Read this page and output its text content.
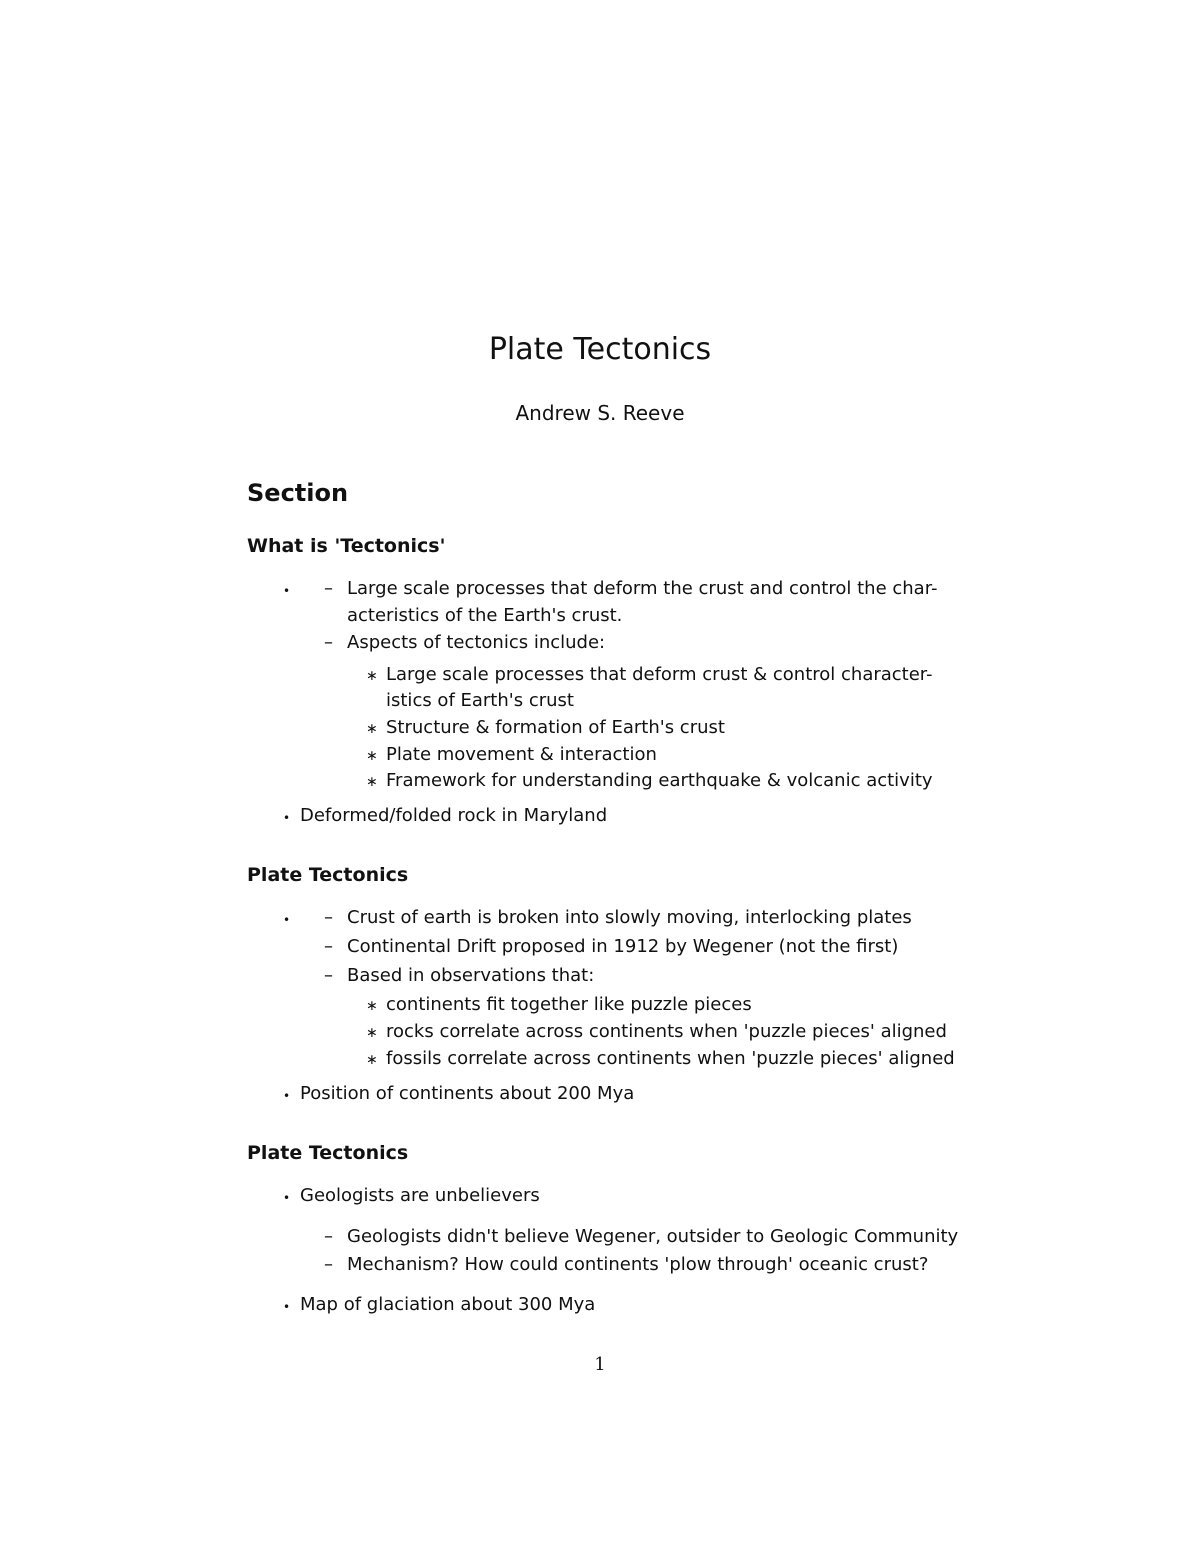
Plate Tectonics
Andrew S. Reeve
Section
What is 'Tectonics'
• – Large scale processes that deform the crust and control the char-
acteristics of the Earth's crust.
– Aspects of tectonics include:
∗ Large scale processes that deform crust & control character-
istics of Earth's crust
∗ Structure & formation of Earth's crust
∗ Plate movement & interaction
∗ Framework for understanding earthquake & volcanic activity
• Deformed/folded rock in Maryland
Plate Tectonics
• – Crust of earth is broken into slowly moving, interlocking plates
– Continental Drift proposed in 1912 by Wegener (not the first)
– Based in observations that:
∗ continents fit together like puzzle pieces
∗ rocks correlate across continents when 'puzzle pieces' aligned
∗ fossils correlate across continents when 'puzzle pieces' aligned
• Position of continents about 200 Mya
Plate Tectonics
• Geologists are unbelievers
– Geologists didn't believe Wegener, outsider to Geologic Community
– Mechanism? How could continents 'plow through' oceanic crust?
• Map of glaciation about 300 Mya
1
